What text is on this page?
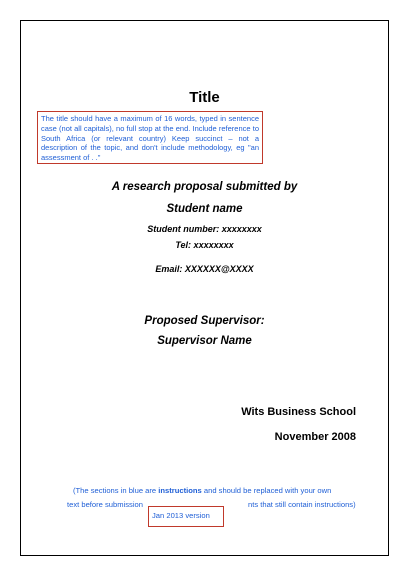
Title
The title should have a maximum of 16 words, typed in sentence case (not all capitals), no full stop at the end. Include reference to South Africa (or relevant country) Keep succinct – not a description of the topic, and don't include methodology, eg "an assessment of . ."
A research proposal submitted by
Student name
Student number: xxxxxxxx
Tel: xxxxxxxx
Email: XXXXXX@XXXX
Proposed Supervisor:
Supervisor Name
Wits Business School
November 2008
(The sections in blue are instructions and should be replaced with your own
text before submission	nts that still contain instructions)
Jan 2013 version
